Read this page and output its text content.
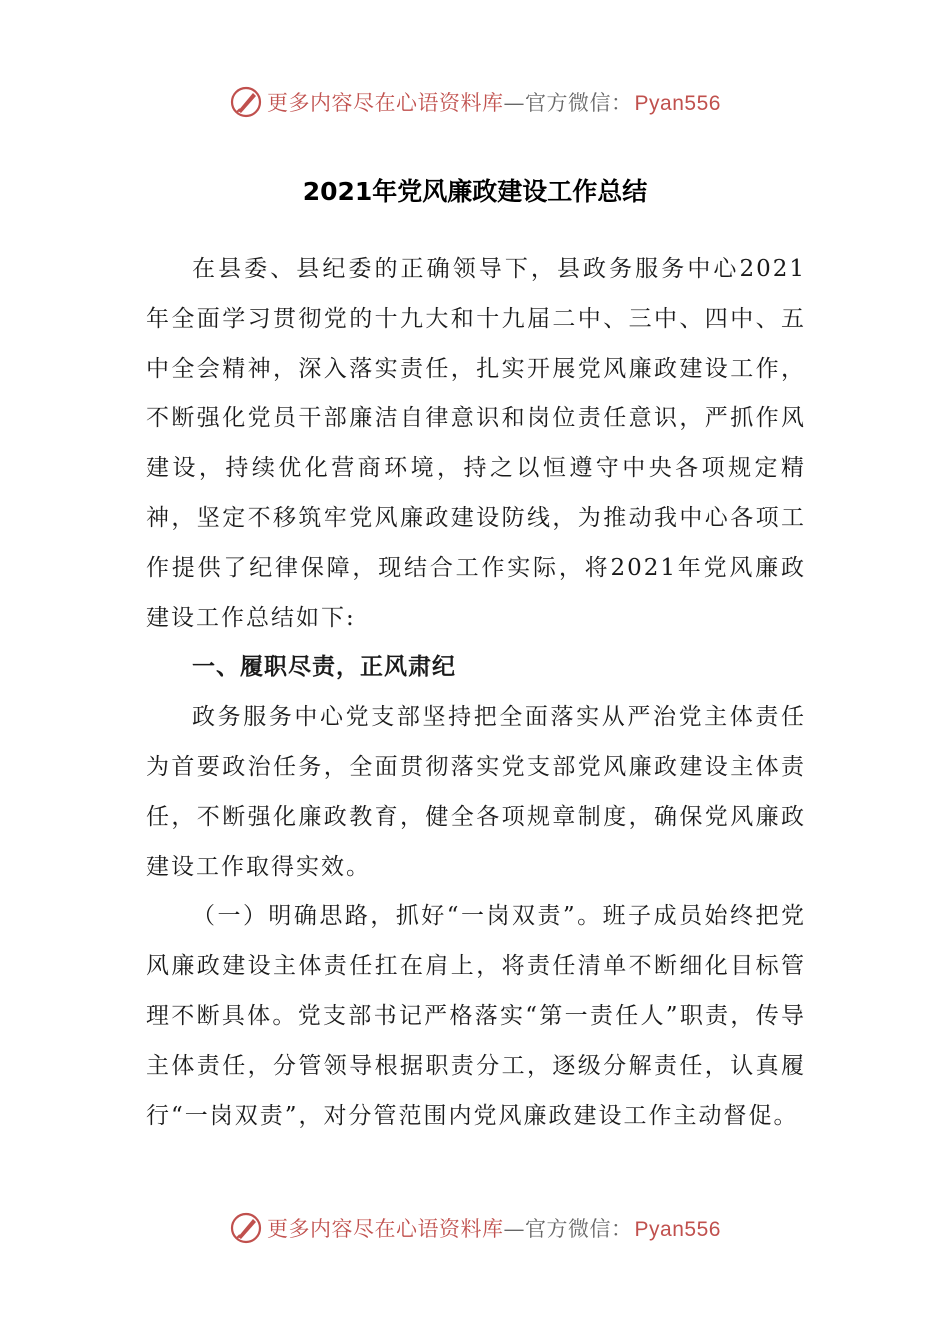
更多内容尽在心语资料库—官方微信：Pyan556
2021年党风廉政建设工作总结

在县委、县纪委的正确领导下，县政务服务中心2021年全面学习贯彻党的十九大和十九届二中、三中、四中、五中全会精神，深入落实责任，扎实开展党风廉政建设工作，不断强化党员干部廉洁自律意识和岗位责任意识，严抓作风建设，持续优化营商环境，持之以恒遵守中央各项规定精神，坚定不移筑牢党风廉政建设防线，为推动我中心各项工作提供了纪律保障，现结合工作实际，将2021年党风廉政建设工作总结如下:

一、履职尽责，正风肃纪

政务服务中心党支部坚持把全面落实从严治党主体责任为首要政治任务，全面贯彻落实党支部党风廉政建设主体责任，不断强化廉政教育，健全各项规章制度，确保党风廉政建设工作取得实效。

（一）明确思路，抓好“一岗双责”。班子成员始终把党风廉政建设主体责任扛在肩上，将责任清单不断细化目标管理不断具体。党支部书记严格落实“第一责任人”职责，传导主体责任，分管领导根据职责分工，逐级分解责任，认真履行“一岗双责”，对分管范围内党风廉政建设工作主动督促。

更多内容尽在心语资料库—官方微信：Pyan556
